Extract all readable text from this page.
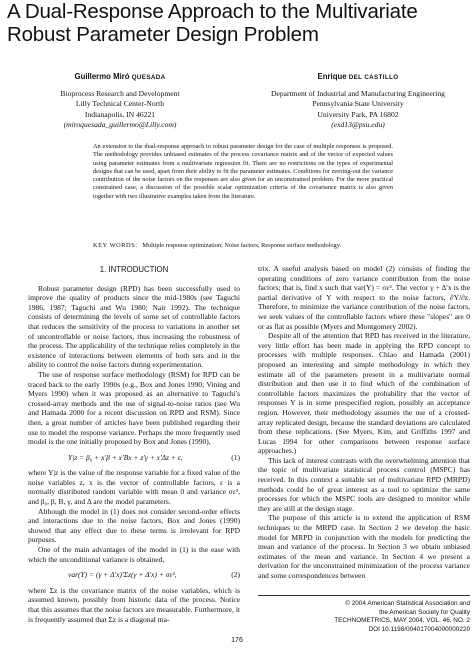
A Dual-Response Approach to the Multivariate
Robust Parameter Design Problem
Guillermo Miró QUESADA
Bioprocess Research and Development
Lilly Technical Center-North
Indianapolis, IN 46221
(miroquesada_guillermo@Lilly.com)
Enrique DEL CASTILLO
Department of Industrial and Manufacturing Engineering
Pennsylvania State University
University Park, PA 16802
(exd13@psu.edu)
An extension to the dual-response approach to robust parameter design for the case of multiple responses is proposed. The methodology provides unbiased estimates of the process covariance matrix and of the vector of expected values using parameter estimates from a multivariate regression fit. There are no restrictions on the types of experimental designs that can be used, apart from their ability to fit the parameter estimates. Conditions for zeroing-out the variance contribution of the noise factors on the responses are also given for an unconstrained problem. For the more practical constrained case, a discussion of the possible scalar optimization criteria of the covariance matrix is also given together with two illustrative examples taken from the literature.
KEY WORDS: Multiple response optimization; Noise factors; Response surface methodology.
1. INTRODUCTION

Robust parameter design (RPD) has been successfully used to improve the quality of products since the mid-1980s (see Taguchi 1986, 1987; Taguchi and Wu 1980; Nair 1992). The technique consists of determining the levels of some set of controllable factors that reduces the sensitivity of the process to variations in another set of uncontrollable or noise factors, thus increasing the robustness of the process. The applicability of the technique relies completely in the existence of interactions between elements of both sets and in the ability to control the noise factors during experimentation.

The use of response surface methodology (RSM) for RPD can be traced back to the early 1990s (e.g., Box and Jones 1990; Vining and Myers 1990) when it was proposed as an alternative to Taguchi's crossed-array methods and the use of signal-to-noise ratios (see Wu and Hamada 2000 for a recent discussion on RPD and RSM). Since then, a great number of articles have been published regarding their use to model the response variance. Perhaps the more frequently used model is the one initially proposed by Box and Jones (1990),

Y|z = β₀ + x′β + x′Bx + z′γ + x′Δz + ε,	(1)

where Y|z is the value of the response variable for a fixed value of the noise variables z, x is the vector of controllable factors, ε is a normally distributed random variable with mean 0 and variance σε², and β₀, β, B, γ, and Δ are the model parameters.

Although the model in (1) does not consider second-order effects and interactions due to the noise factors, Box and Jones (1990) showed that any effect due to these terms is irrelevant for RPD purposes.

One of the main advantages of the model in (1) is the ease with which the unconditional variance is obtained,

var(Y) = (γ + Δ′x)′Σz(γ + Δ′x) + σε²,	(2)

where Σz is the covariance matrix of the noise variables, which is assumed known, possibly from historic data of the process. Notice that this assumes that the noise factors are measurable. Furthermore, it is frequently assumed that Σz is a diagonal ma-

trix. A useful analysis based on model (2) consists of finding the operating conditions of zero variance contribution from the noise factors; that is, find x such that var(Y) = σε². The vector γ + Δ′x is the partial derivative of Y with respect to the noise factors, ∂Y/∂z. Therefore, to minimize the variance contribution of the noise factors, we seek values of the controllable factors where these "slopes" are 0 or as flat as possible (Myers and Montgomery 2002).

Despite all of the attention that RPD has received in the literature, very little effort has been made in applying the RPD concept to processes with multiple responses. Chiao and Hamada (2001) proposed an interesting and simple methodology in which they estimate all of the parameters present in a multivariate normal distribution and then use it to find which of the combination of controllable factors maximizes the probability that the vector of responses Y is in some prespecified region, possibly an acceptance region. However, their methodology assumes the use of a crossed-array replicated design, because the standard deviations are calculated from these replications. (See Myers, Kim, and Griffiths 1997 and Lucas 1994 for other comparisons between response surface approaches.)

This lack of interest contrasts with the overwhelming attention that the topic of multivariate statistical process control (MSPC) has received. In this context a suitable set of multivariate RPD (MRPD) methods could be of great interest as a tool to optimize the same processes for which the MSPC tools are designed to monitor while they are still at the design stage.

The purpose of this article is to extend the application of RSM techniques to the MRPD case. In Section 2 we develop the basic model for MRPD in conjunction with the models for predicting the mean and variance of the process. In Section 3 we obtain unbiased estimates of the mean and variance. In Section 4 we present a derivation for the unconstrained minimization of the process variance and some correspondences between

© 2004 American Statistical Association and
the American Society for Quality
TECHNOMETRICS, MAY 2004, VOL. 46, NO. 2
DOI 10.1198/004017004000000220
176
